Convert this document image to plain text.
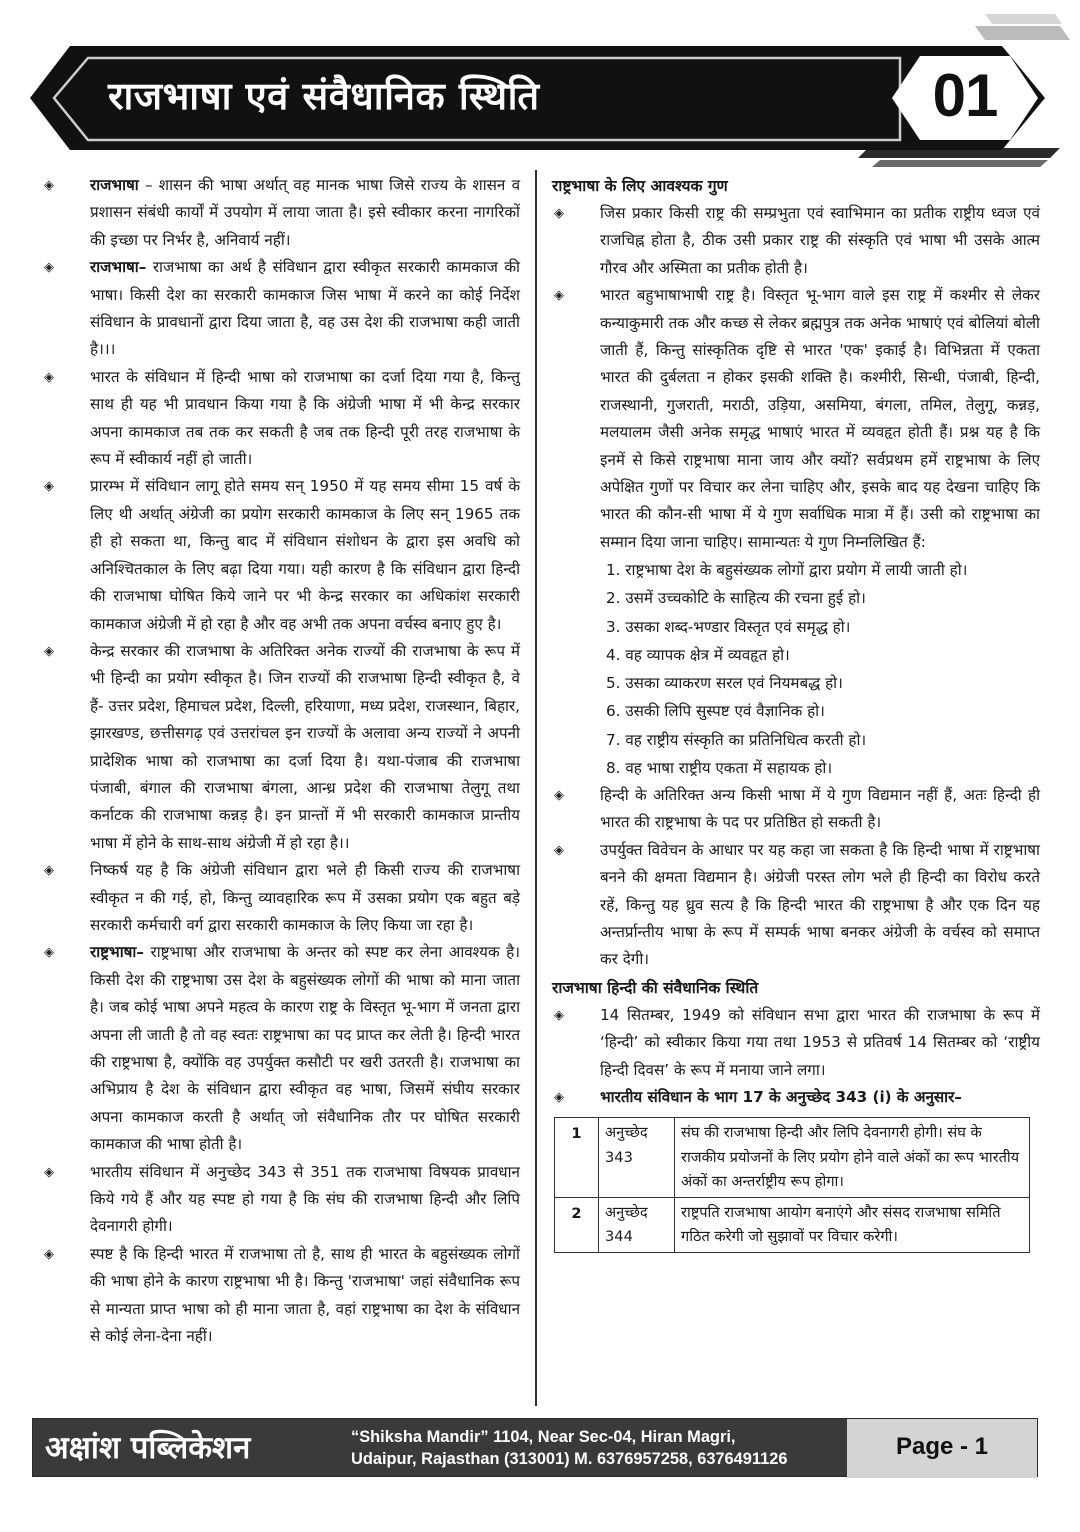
राजभाषा एवं संवैधानिक स्थिति	01
◈	राजभाषा – शासन की भाषा अर्थात् वह मानक भाषा जिसे राज्य के शासन व प्रशासन संबंधी कार्यों में उपयोग में लाया जाता है। इसे स्वीकार करना नागरिकों की इच्छा पर निर्भर है, अनिवार्य नहीं।
◈	राजभाषा– राजभाषा का अर्थ है संविधान द्वारा स्वीकृत सरकारी कामकाज की भाषा। किसी देश का सरकारी कामकाज जिस भाषा में करने का कोई निर्देश संविधान के प्रावधानों द्वारा दिया जाता है, वह उस देश की राजभाषा कही जाती है।।।
◈	भारत के संविधान में हिन्दी भाषा को राजभाषा का दर्जा दिया गया है, किन्तु साथ ही यह भी प्रावधान किया गया है कि अंग्रेजी भाषा में भी केन्द्र सरकार अपना कामकाज तब तक कर सकती है जब तक हिन्दी पूरी तरह राजभाषा के रूप में स्वीकार्य नहीं हो जाती।
◈	प्रारम्भ में संविधान लागू होते समय सन् 1950 में यह समय सीमा 15 वर्ष के लिए थी अर्थात् अंग्रेजी का प्रयोग सरकारी कामकाज के लिए सन् 1965 तक ही हो सकता था, किन्तु बाद में संविधान संशोधन के द्वारा इस अवधि को अनिश्चितकाल के लिए बढ़ा दिया गया। यही कारण है कि संविधान द्वारा हिन्दी की राजभाषा घोषित किये जाने पर भी केन्द्र सरकार का अधिकांश सरकारी कामकाज अंग्रेजी में हो रहा है और वह अभी तक अपना वर्चस्व बनाए हुए है।
◈	केन्द्र सरकार की राजभाषा के अतिरिक्त अनेक राज्यों की राजभाषा के रूप में भी हिन्दी का प्रयोग स्वीकृत है। जिन राज्यों की राजभाषा हिन्दी स्वीकृत है, वे हैं- उत्तर प्रदेश, हिमाचल प्रदेश, दिल्ली, हरियाणा, मध्य प्रदेश, राजस्थान, बिहार, झारखण्ड, छत्तीसगढ़ एवं उत्तरांचल इन राज्यों के अलावा अन्य राज्यों ने अपनी प्रादेशिक भाषा को राजभाषा का दर्जा दिया है। यथा-पंजाब की राजभाषा पंजाबी, बंगाल की राजभाषा बंगला, आन्ध्र प्रदेश की राजभाषा तेलुगू तथा कर्नाटक की राजभाषा कन्नड़ है। इन प्रान्तों में भी सरकारी कामकाज प्रान्तीय भाषा में होने के साथ-साथ अंग्रेजी में हो रहा है।।
◈	निष्कर्ष यह है कि अंग्रेजी संविधान द्वारा भले ही किसी राज्य की राजभाषा स्वीकृत न की गई, हो, किन्तु व्यावहारिक रूप में उसका प्रयोग एक बहुत बड़े सरकारी कर्मचारी वर्ग द्वारा सरकारी कामकाज के लिए किया जा रहा है।
◈	राष्ट्रभाषा– राष्ट्रभाषा और राजभाषा के अन्तर को स्पष्ट कर लेना आवश्यक है। किसी देश की राष्ट्रभाषा उस देश के बहुसंख्यक लोगों की भाषा को माना जाता है। जब कोई भाषा अपने महत्व के कारण राष्ट्र के विस्तृत भू-भाग में जनता द्वारा अपना ली जाती है तो वह स्वतः राष्ट्रभाषा का पद प्राप्त कर लेती है। हिन्दी भारत की राष्ट्रभाषा है, क्योंकि वह उपर्युक्त कसौटी पर खरी उतरती है। राजभाषा का अभिप्राय है देश के संविधान द्वारा स्वीकृत वह भाषा, जिसमें संघीय सरकार अपना कामकाज करती है अर्थात् जो संवैधानिक तौर पर घोषित सरकारी कामकाज की भाषा होती है।
◈	भारतीय संविधान में अनुच्छेद 343 से 351 तक राजभाषा विषयक प्रावधान किये गये हैं और यह स्पष्ट हो गया है कि संघ की राजभाषा हिन्दी और लिपि देवनागरी होगी।
◈	स्पष्ट है कि हिन्दी भारत में राजभाषा तो है, साथ ही भारत के बहुसंख्यक लोगों की भाषा होने के कारण राष्ट्रभाषा भी है। किन्तु 'राजभाषा' जहां संवैधानिक रूप से मान्यता प्राप्त भाषा को ही माना जाता है, वहां राष्ट्रभाषा का देश के संविधान से कोई लेना-देना नहीं।
राष्ट्रभाषा के लिए आवश्यक गुण
◈	जिस प्रकार किसी राष्ट्र की सम्प्रभुता एवं स्वाभिमान का प्रतीक राष्ट्रीय ध्वज एवं राजचिह्न होता है, ठीक उसी प्रकार राष्ट्र की संस्कृति एवं भाषा भी उसके आत्म गौरव और अस्मिता का प्रतीक होती है।
◈	भारत बहुभाषाभाषी राष्ट्र है। विस्तृत भू-भाग वाले इस राष्ट्र में कश्मीर से लेकर कन्याकुमारी तक और कच्छ से लेकर ब्रह्मपुत्र तक अनेक भाषाएं एवं बोलियां बोली जाती हैं, किन्तु सांस्कृतिक दृष्टि से भारत 'एक' इकाई है। विभिन्नता में एकता भारत की दुर्बलता न होकर इसकी शक्ति है। कश्मीरी, सिन्धी, पंजाबी, हिन्दी, राजस्थानी, गुजराती, मराठी, उड़िया, असमिया, बंगला, तमिल, तेलुगू, कन्नड़, मलयालम जैसी अनेक समृद्ध भाषाएं भारत में व्यवहृत होती हैं। प्रश्न यह है कि इनमें से किसे राष्ट्रभाषा माना जाय और क्यों? सर्वप्रथम हमें राष्ट्रभाषा के लिए अपेक्षित गुणों पर विचार कर लेना चाहिए और, इसके बाद यह देखना चाहिए कि भारत की कौन-सी भाषा में ये गुण सर्वाधिक मात्रा में हैं। उसी को राष्ट्रभाषा का सम्मान दिया जाना चाहिए। सामान्यतः ये गुण निम्नलिखित हैं:
1. राष्ट्रभाषा देश के बहुसंख्यक लोगों द्वारा प्रयोग में लायी जाती हो।
2. उसमें उच्चकोटि के साहित्य की रचना हुई हो।
3. उसका शब्द-भण्डार विस्तृत एवं समृद्ध हो।
4. वह व्यापक क्षेत्र में व्यवहृत हो।
5. उसका व्याकरण सरल एवं नियमबद्ध हो।
6. उसकी लिपि सुस्पष्ट एवं वैज्ञानिक हो।
7. वह राष्ट्रीय संस्कृति का प्रतिनिधित्व करती हो।
8. वह भाषा राष्ट्रीय एकता में सहायक हो।
◈	हिन्दी के अतिरिक्त अन्य किसी भाषा में ये गुण विद्यमान नहीं हैं, अतः हिन्दी ही भारत की राष्ट्रभाषा के पद पर प्रतिष्ठित हो सकती है।
◈	उपर्युक्त विवेचन के आधार पर यह कहा जा सकता है कि हिन्दी भाषा में राष्ट्रभाषा बनने की क्षमता विद्यमान है। अंग्रेजी परस्त लोग भले ही हिन्दी का विरोध करते रहें, किन्तु यह ध्रुव सत्य है कि हिन्दी भारत की राष्ट्रभाषा है और एक दिन यह अन्तर्प्रान्तीय भाषा के रूप में सम्पर्क भाषा बनकर अंग्रेजी के वर्चस्व को समाप्त कर देगी।
राजभाषा हिन्दी की संवैधानिक स्थिति
◈	14 सितम्बर, 1949 को संविधान सभा द्वारा भारत की राजभाषा के रूप में ‘हिन्दी’ को स्वीकार किया गया तथा 1953 से प्रतिवर्ष 14 सितम्बर को ‘राष्ट्रीय हिन्दी दिवस’ के रूप में मनाया जाने लगा।
◈	भारतीय संविधान के भाग 17 के अनुच्छेद 343 (i) के अनुसार–
1	अनुच्छेद 343	संघ की राजभाषा हिन्दी और लिपि देवनागरी होगी। संघ के राजकीय प्रयोजनों के लिए प्रयोग होने वाले अंकों का रूप भारतीय अंकों का अन्तर्राष्ट्रीय रूप होगा।
2	अनुच्छेद 344	राष्ट्रपति राजभाषा आयोग बनाएंगे और संसद राजभाषा समिति गठित करेगी जो सुझावों पर विचार करेगी।
अक्षांश पब्लिकेशन	“Shiksha Mandir” 1104, Near Sec-04, Hiran Magri,
Udaipur, Rajasthan (313001) M. 6376957258, 6376491126	Page - 1
